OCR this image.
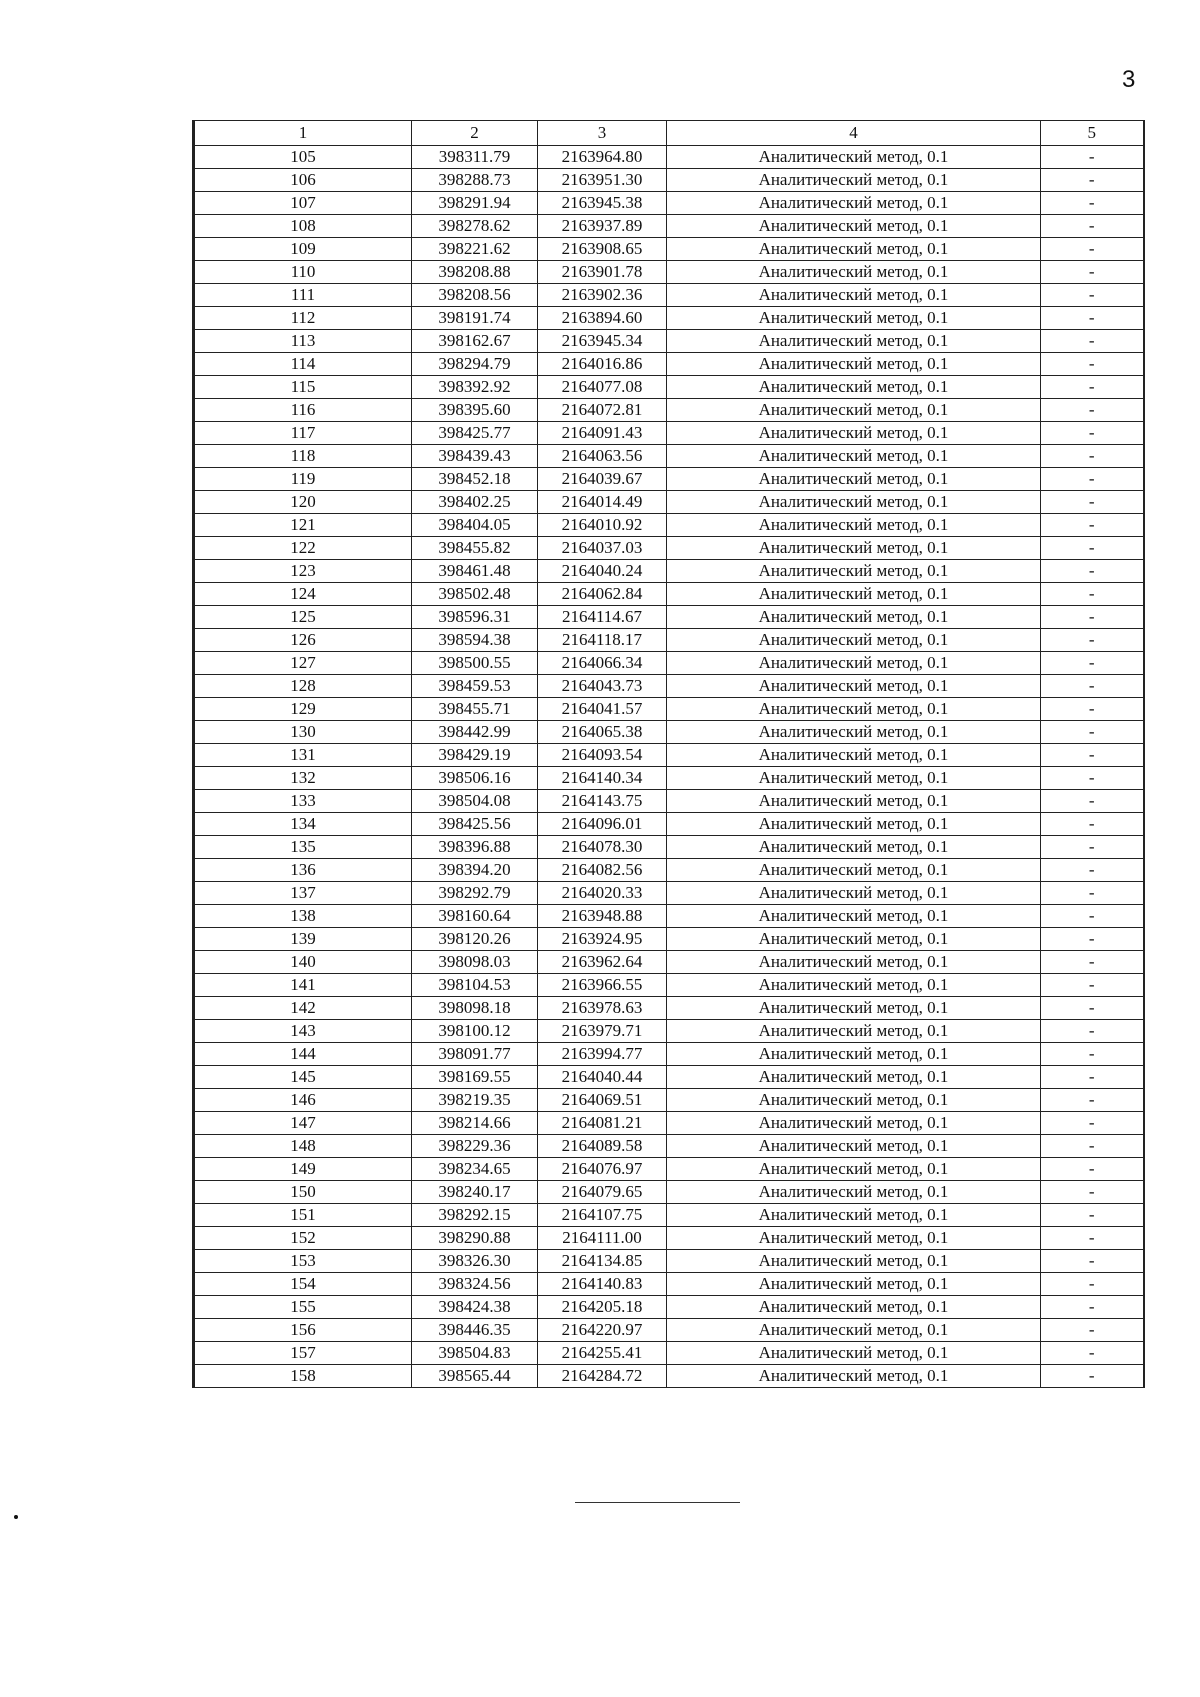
3
1	2	3	4	5
105	398311.79	2163964.80	Аналитический метод, 0.1	-
106	398288.73	2163951.30	Аналитический метод, 0.1	-
107	398291.94	2163945.38	Аналитический метод, 0.1	-
108	398278.62	2163937.89	Аналитический метод, 0.1	-
109	398221.62	2163908.65	Аналитический метод, 0.1	-
110	398208.88	2163901.78	Аналитический метод, 0.1	-
111	398208.56	2163902.36	Аналитический метод, 0.1	-
112	398191.74	2163894.60	Аналитический метод, 0.1	-
113	398162.67	2163945.34	Аналитический метод, 0.1	-
114	398294.79	2164016.86	Аналитический метод, 0.1	-
115	398392.92	2164077.08	Аналитический метод, 0.1	-
116	398395.60	2164072.81	Аналитический метод, 0.1	-
117	398425.77	2164091.43	Аналитический метод, 0.1	-
118	398439.43	2164063.56	Аналитический метод, 0.1	-
119	398452.18	2164039.67	Аналитический метод, 0.1	-
120	398402.25	2164014.49	Аналитический метод, 0.1	-
121	398404.05	2164010.92	Аналитический метод, 0.1	-
122	398455.82	2164037.03	Аналитический метод, 0.1	-
123	398461.48	2164040.24	Аналитический метод, 0.1	-
124	398502.48	2164062.84	Аналитический метод, 0.1	-
125	398596.31	2164114.67	Аналитический метод, 0.1	-
126	398594.38	2164118.17	Аналитический метод, 0.1	-
127	398500.55	2164066.34	Аналитический метод, 0.1	-
128	398459.53	2164043.73	Аналитический метод, 0.1	-
129	398455.71	2164041.57	Аналитический метод, 0.1	-
130	398442.99	2164065.38	Аналитический метод, 0.1	-
131	398429.19	2164093.54	Аналитический метод, 0.1	-
132	398506.16	2164140.34	Аналитический метод, 0.1	-
133	398504.08	2164143.75	Аналитический метод, 0.1	-
134	398425.56	2164096.01	Аналитический метод, 0.1	-
135	398396.88	2164078.30	Аналитический метод, 0.1	-
136	398394.20	2164082.56	Аналитический метод, 0.1	-
137	398292.79	2164020.33	Аналитический метод, 0.1	-
138	398160.64	2163948.88	Аналитический метод, 0.1	-
139	398120.26	2163924.95	Аналитический метод, 0.1	-
140	398098.03	2163962.64	Аналитический метод, 0.1	-
141	398104.53	2163966.55	Аналитический метод, 0.1	-
142	398098.18	2163978.63	Аналитический метод, 0.1	-
143	398100.12	2163979.71	Аналитический метод, 0.1	-
144	398091.77	2163994.77	Аналитический метод, 0.1	-
145	398169.55	2164040.44	Аналитический метод, 0.1	-
146	398219.35	2164069.51	Аналитический метод, 0.1	-
147	398214.66	2164081.21	Аналитический метод, 0.1	-
148	398229.36	2164089.58	Аналитический метод, 0.1	-
149	398234.65	2164076.97	Аналитический метод, 0.1	-
150	398240.17	2164079.65	Аналитический метод, 0.1	-
151	398292.15	2164107.75	Аналитический метод, 0.1	-
152	398290.88	2164111.00	Аналитический метод, 0.1	-
153	398326.30	2164134.85	Аналитический метод, 0.1	-
154	398324.56	2164140.83	Аналитический метод, 0.1	-
155	398424.38	2164205.18	Аналитический метод, 0.1	-
156	398446.35	2164220.97	Аналитический метод, 0.1	-
157	398504.83	2164255.41	Аналитический метод, 0.1	-
158	398565.44	2164284.72	Аналитический метод, 0.1	-
